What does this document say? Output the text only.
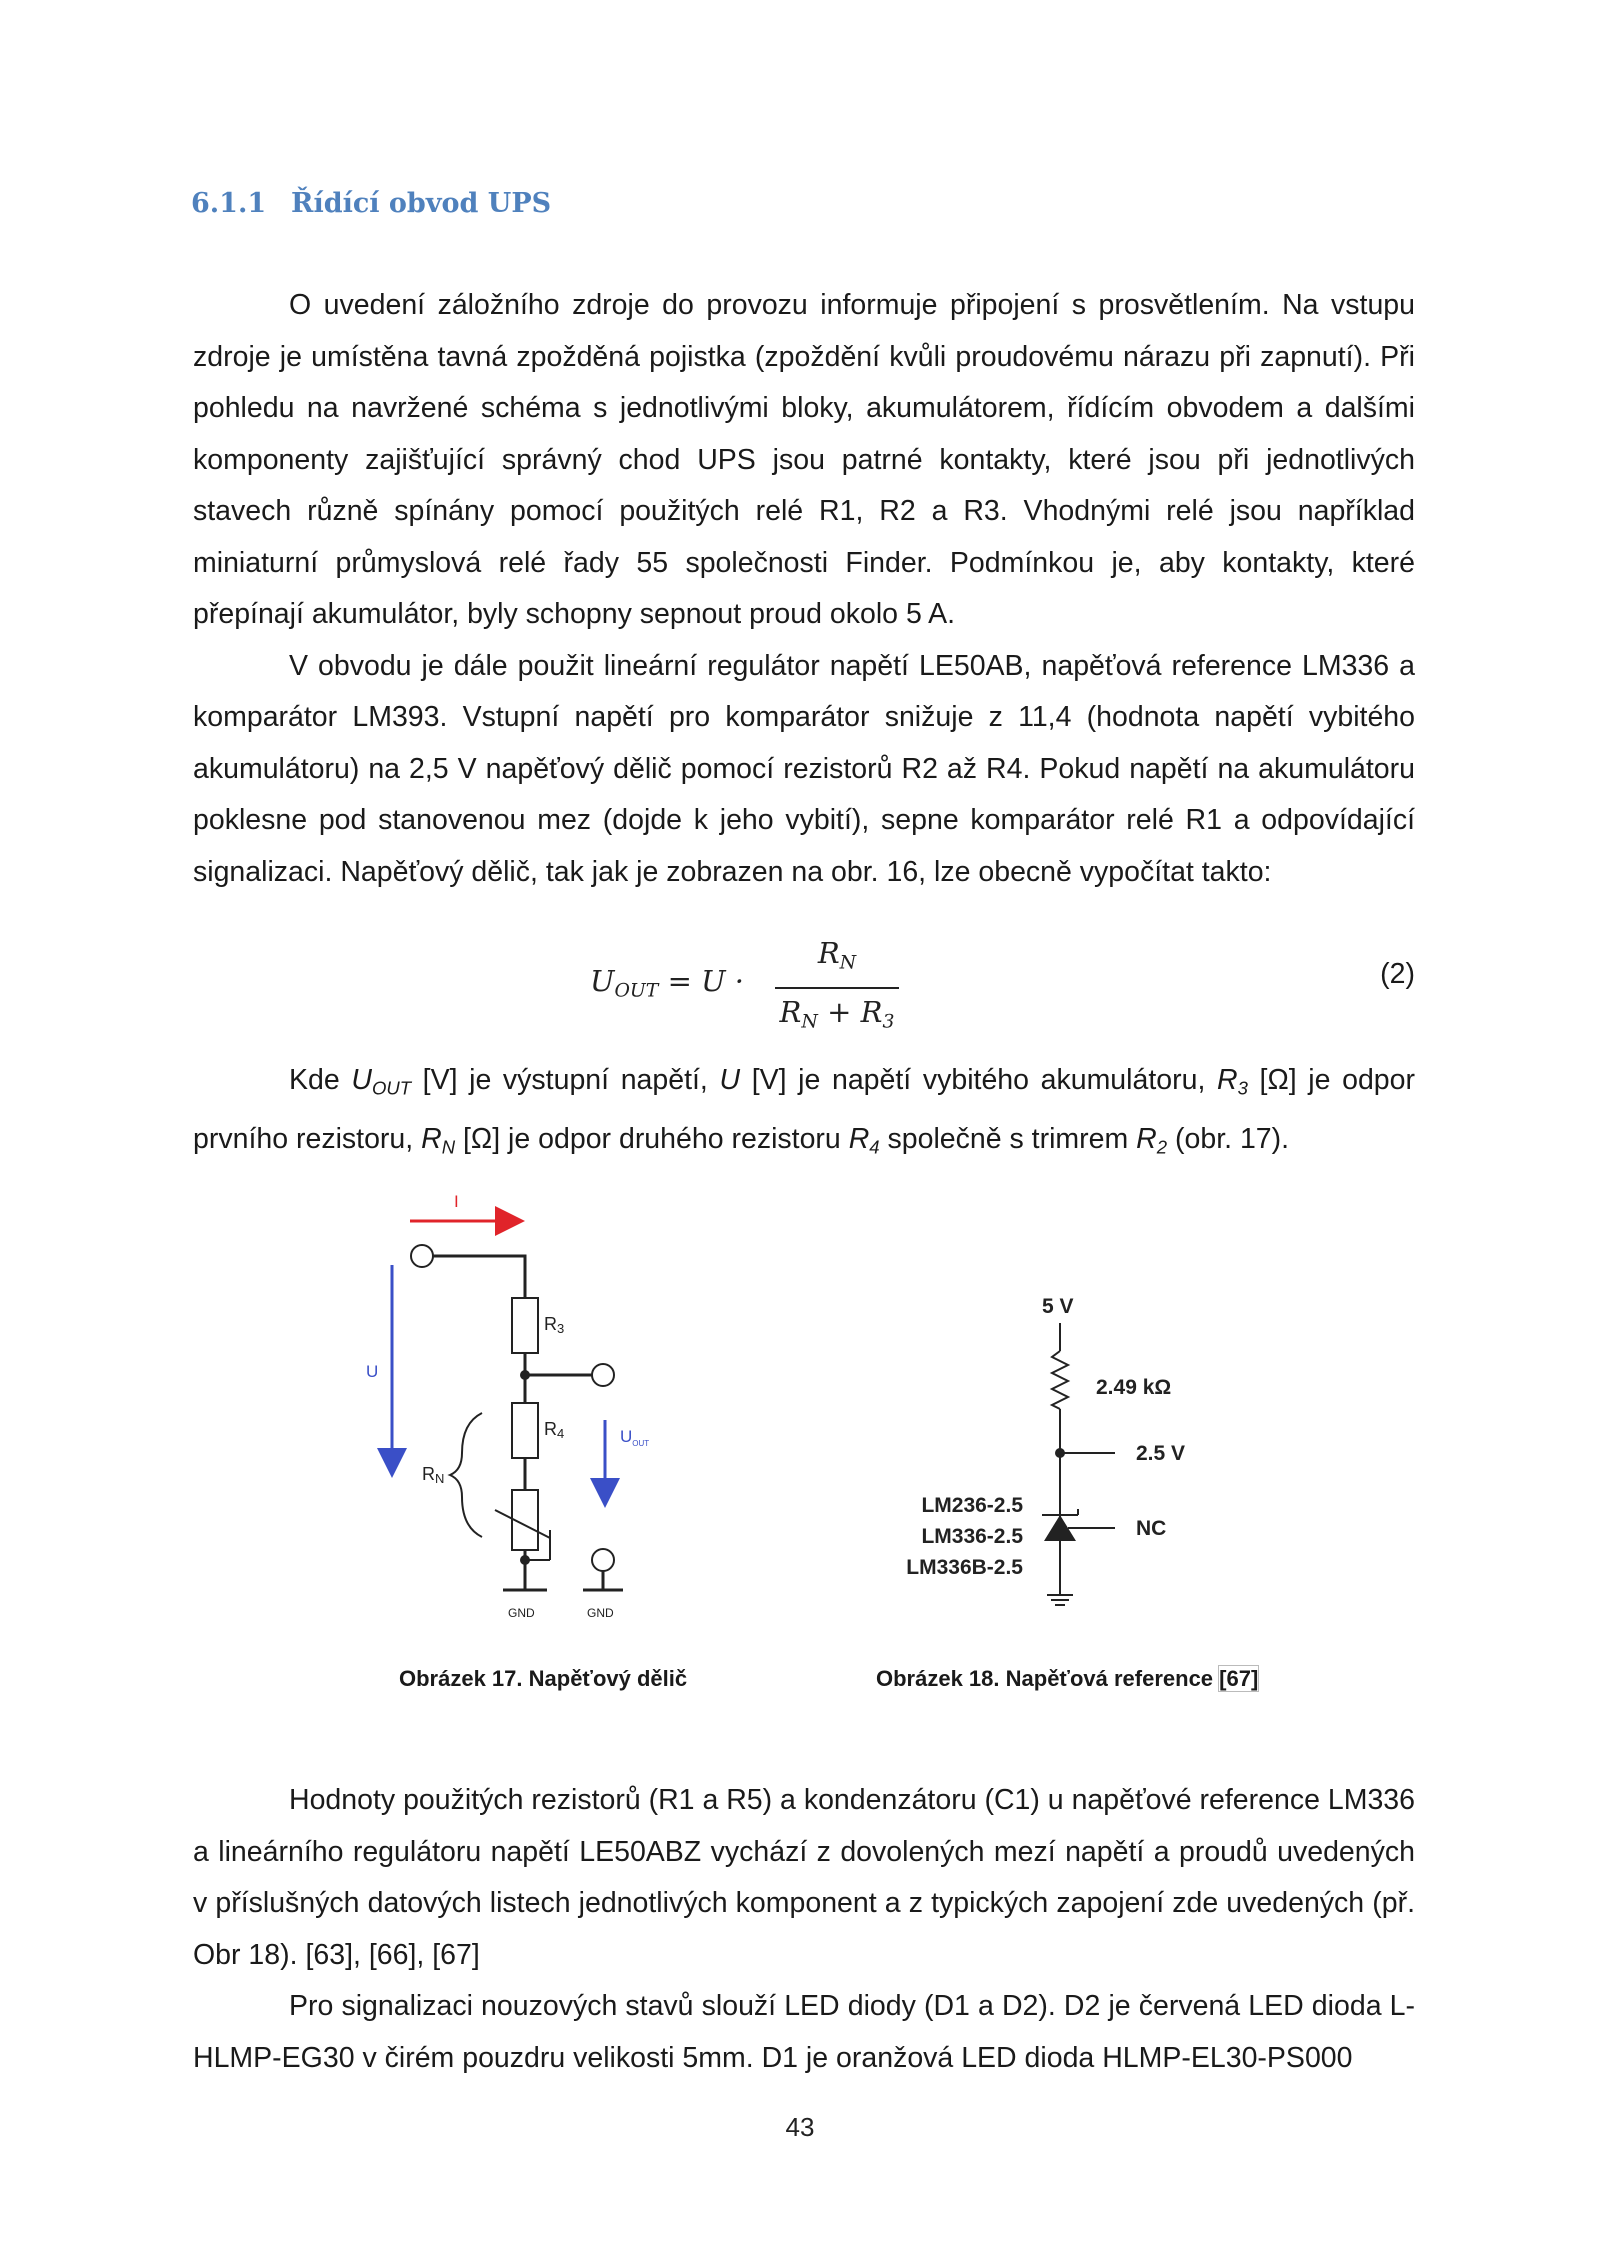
6.1.1 Řídící obvod UPS

O uvedení záložního zdroje do provozu informuje připojení s prosvětlením. Na vstupu zdroje je umístěna tavná zpožděná pojistka (zpoždění kvůli proudovému nárazu při zapnutí). Při pohledu na navržené schéma s jednotlivými bloky, akumulátorem, řídícím obvodem a dalšími komponenty zajišťující správný chod UPS jsou patrné kontakty, které jsou při jednotlivých stavech různě spínány pomocí použitých relé R1, R2 a R3. Vhodnými relé jsou například miniaturní průmyslová relé řady 55 společnosti Finder. Podmínkou je, aby kontakty, které přepínají akumulátor, byly schopny sepnout proud okolo 5 A.

V obvodu je dále použit lineární regulátor napětí LE50AB, napěťová reference LM336 a komparátor LM393. Vstupní napětí pro komparátor snižuje z 11,4 (hodnota napětí vybitého akumulátoru) na 2,5 V napěťový dělič pomocí rezistorů R2 až R4. Pokud napětí na akumulátoru poklesne pod stanovenou mez (dojde k jeho vybití), sepne komparátor relé R1 a odpovídající signalizaci. Napěťový dělič, tak jak je zobrazen na obr. 16, lze obecně vypočítat takto:

$U_{OUT} = U$ ·
$R_N$
$R_N + R_3$
(2)

Kde $U_{OUT}$ [V] je výstupní napětí, U [V] je napětí vybitého akumulátoru, $R_3$ [Ω] je odpor prvního rezistoru, $R_N$ [Ω] je odpor druhého rezistoru $R_4$ společně s trimrem $R_2$ (obr. 17).

I
R3
R4
GND
RN
U
$U_{OUT}$
GND
Obrázek 17. Napěťový dělič
5 V
2.49 kΩ
2.5 V
NC
LM236-2.5
LM336-2.5
LM336B-2.5
Obrázek 18. Napěťová reference [67]

Hodnoty použitých rezistorů (R1 a R5) a kondenzátoru (C1) u napěťové reference LM336 a lineárního regulátoru napětí LE50ABZ vychází z dovolených mezí napětí a proudů uvedených v příslušných datových listech jednotlivých komponent a z typických zapojení zde uvedených (př. Obr 18). [63], [66], [67]

Pro signalizaci nouzových stavů slouží LED diody (D1 a D2). D2 je červená LED dioda L-HLMP-EG30 v čirém pouzdru velikosti 5mm. D1 je oranžová LED dioda HLMP-EL30-PS000

43
